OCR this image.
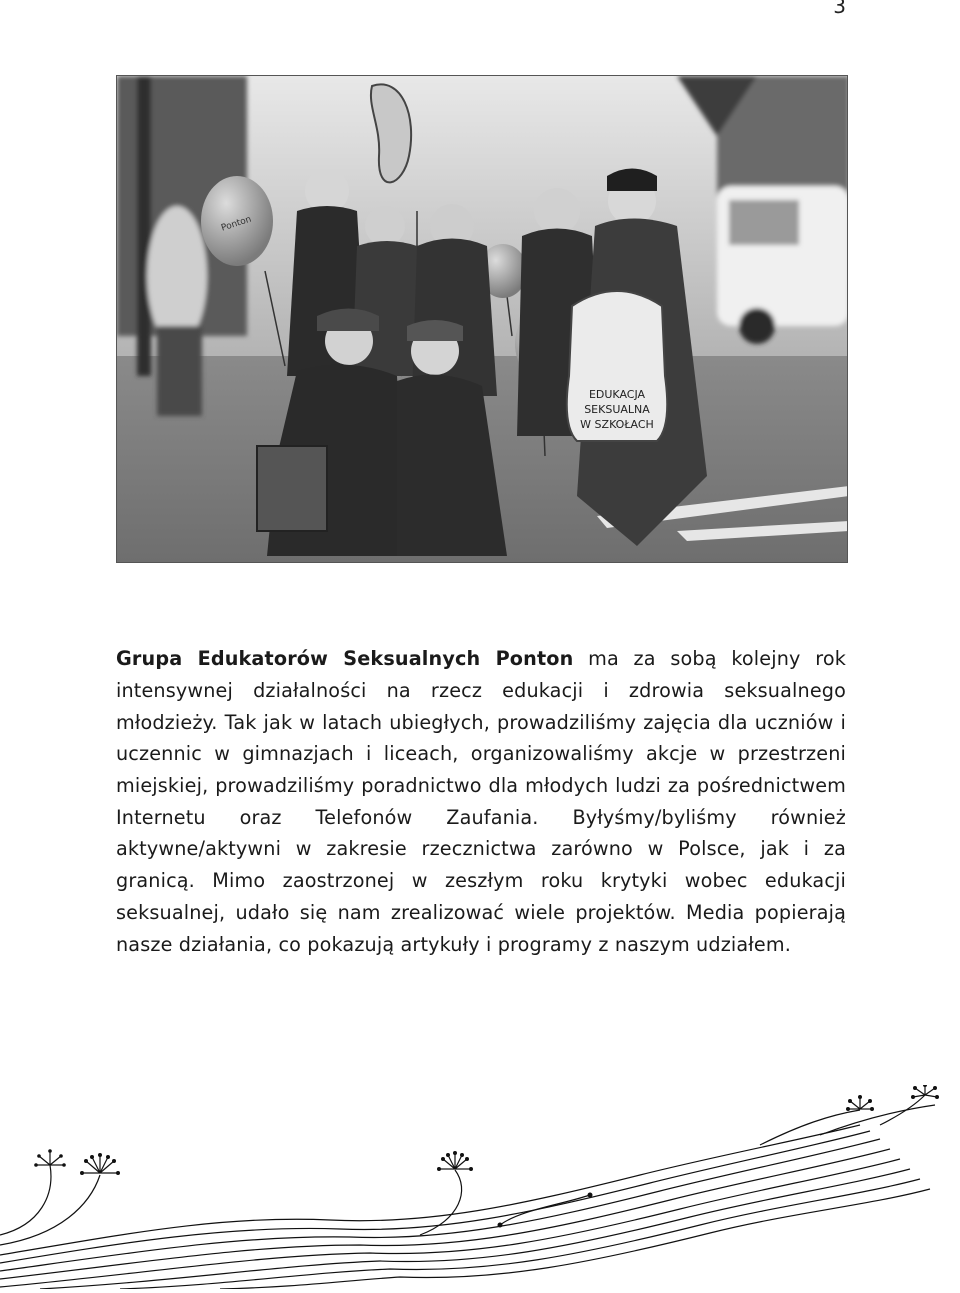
3
EDUKACJA
SEKSUALNA
W SZKOŁACH
Ponton

Grupa Edukatorów Seksualnych Ponton ma za sobą kolejny rok intensywnej działalności na rzecz edukacji i zdrowia seksualnego młodzieży. Tak jak w latach ubiegłych, prowadziliśmy zajęcia dla uczniów i uczennic w gimnazjach i liceach, organizowaliśmy akcje w przestrzeni miejskiej, prowadziliśmy poradnictwo dla młodych ludzi za pośrednictwem Internetu oraz Telefonów Zaufania. Byłyśmy/byliśmy również aktywne/aktywni w zakresie rzecznictwa zarówno w Polsce, jak i za granicą. Mimo zaostrzonej w zeszłym roku krytyki wobec edukacji seksualnej, udało się nam zrealizować wiele projektów. Media popierają nasze działania, co pokazują artykuły i programy z naszym udziałem.
